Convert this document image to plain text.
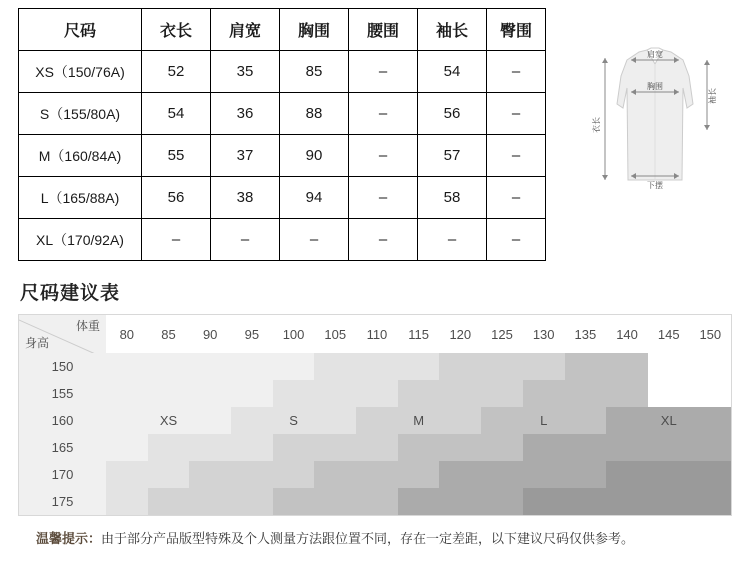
尺码	衣长	肩宽	胸围	腰围	袖长	臀围
XS（150/76A)	52	35	85	–	54	–
S（155/80A)	54	36	88	–	56	–
M（160/84A)	55	37	90	–	57	–
L（165/88A)	56	38	94	–	58	–
XL（170/92A)	–	–	–	–	–	–
肩宽
胸围
下摆
衣长
袖长
尺码建议表
体重
身高	80	85	90	95	100	105	110	115	120	125	130	135	140	145	150
150															
155															
160		XS			S			M			L			XL	
165															
170															
175															
温馨提示：由于部分产品版型特殊及个人测量方法跟位置不同，存在一定差距，以下建议尺码仅供参考。
